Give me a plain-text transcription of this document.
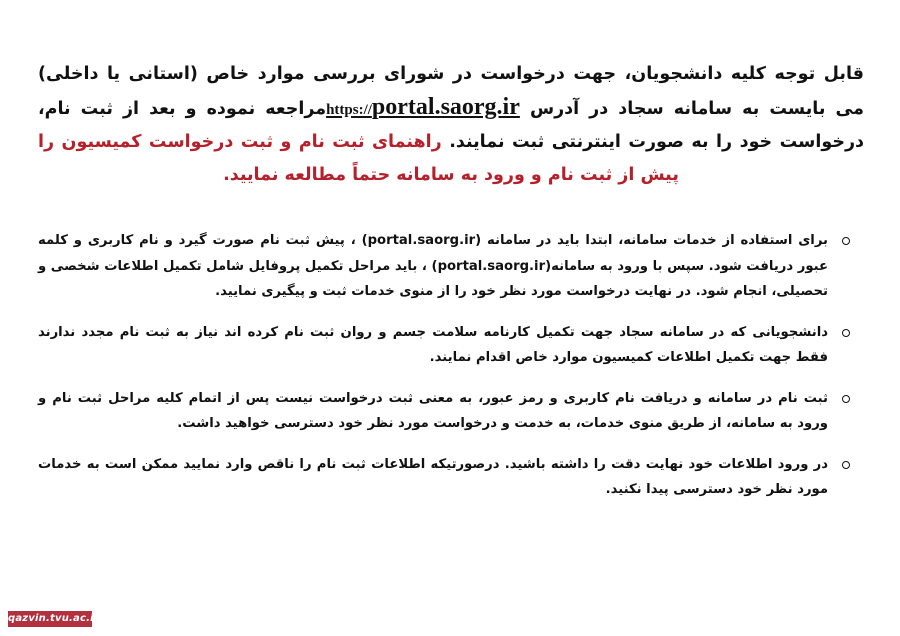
قابل توجه کلیه دانشجویان، جهت درخواست در شورای بررسی موارد خاص (استانی یا داخلی) می بایست به سامانه سجاد در آدرس https://portal.saorg.irمراجعه نموده و بعد از ثبت نام، درخواست خود را به صورت اینترنتی ثبت نمایند. راهنمای ثبت نام و ثبت درخواست کمیسیون را پیش از ثبت نام و ورود به سامانه حتماً مطالعه نمایید.
برای استفاده از خدمات سامانه، ابتدا باید در سامانه (portal.saorg.ir) ، پیش ثبت نام صورت گیرد و نام کاربری و کلمه عبور دریافت شود. سپس با ورود به سامانه(portal.saorg.ir) ، باید مراحل تکمیل پروفایل شامل تکمیل اطلاعات شخصی و تحصیلی، انجام شود. در نهایت درخواست مورد نظر خود را از منوی خدمات ثبت و پیگیری نمایید.
دانشجویانی که در سامانه سجاد جهت تکمیل کارنامه سلامت جسم و روان ثبت نام کرده اند نیاز به ثبت نام مجدد ندارند فقط جهت تکمیل اطلاعات کمیسیون موارد خاص اقدام نمایند.
ثبت نام در سامانه و دریافت نام کاربری و رمز عبور، به معنی ثبت درخواست نیست پس از اتمام کلیه مراحل ثبت نام و ورود به سامانه، از طریق منوی خدمات، به خدمت و درخواست مورد نظر خود دسترسی خواهید داشت.
در ورود اطلاعات خود نهایت دقت را داشته باشید. درصورتیکه اطلاعات ثبت نام را ناقص وارد نمایید ممکن است به خدمات مورد نظر خود دسترسی پیدا نکنید.
qazvin.tvu.ac.ir
